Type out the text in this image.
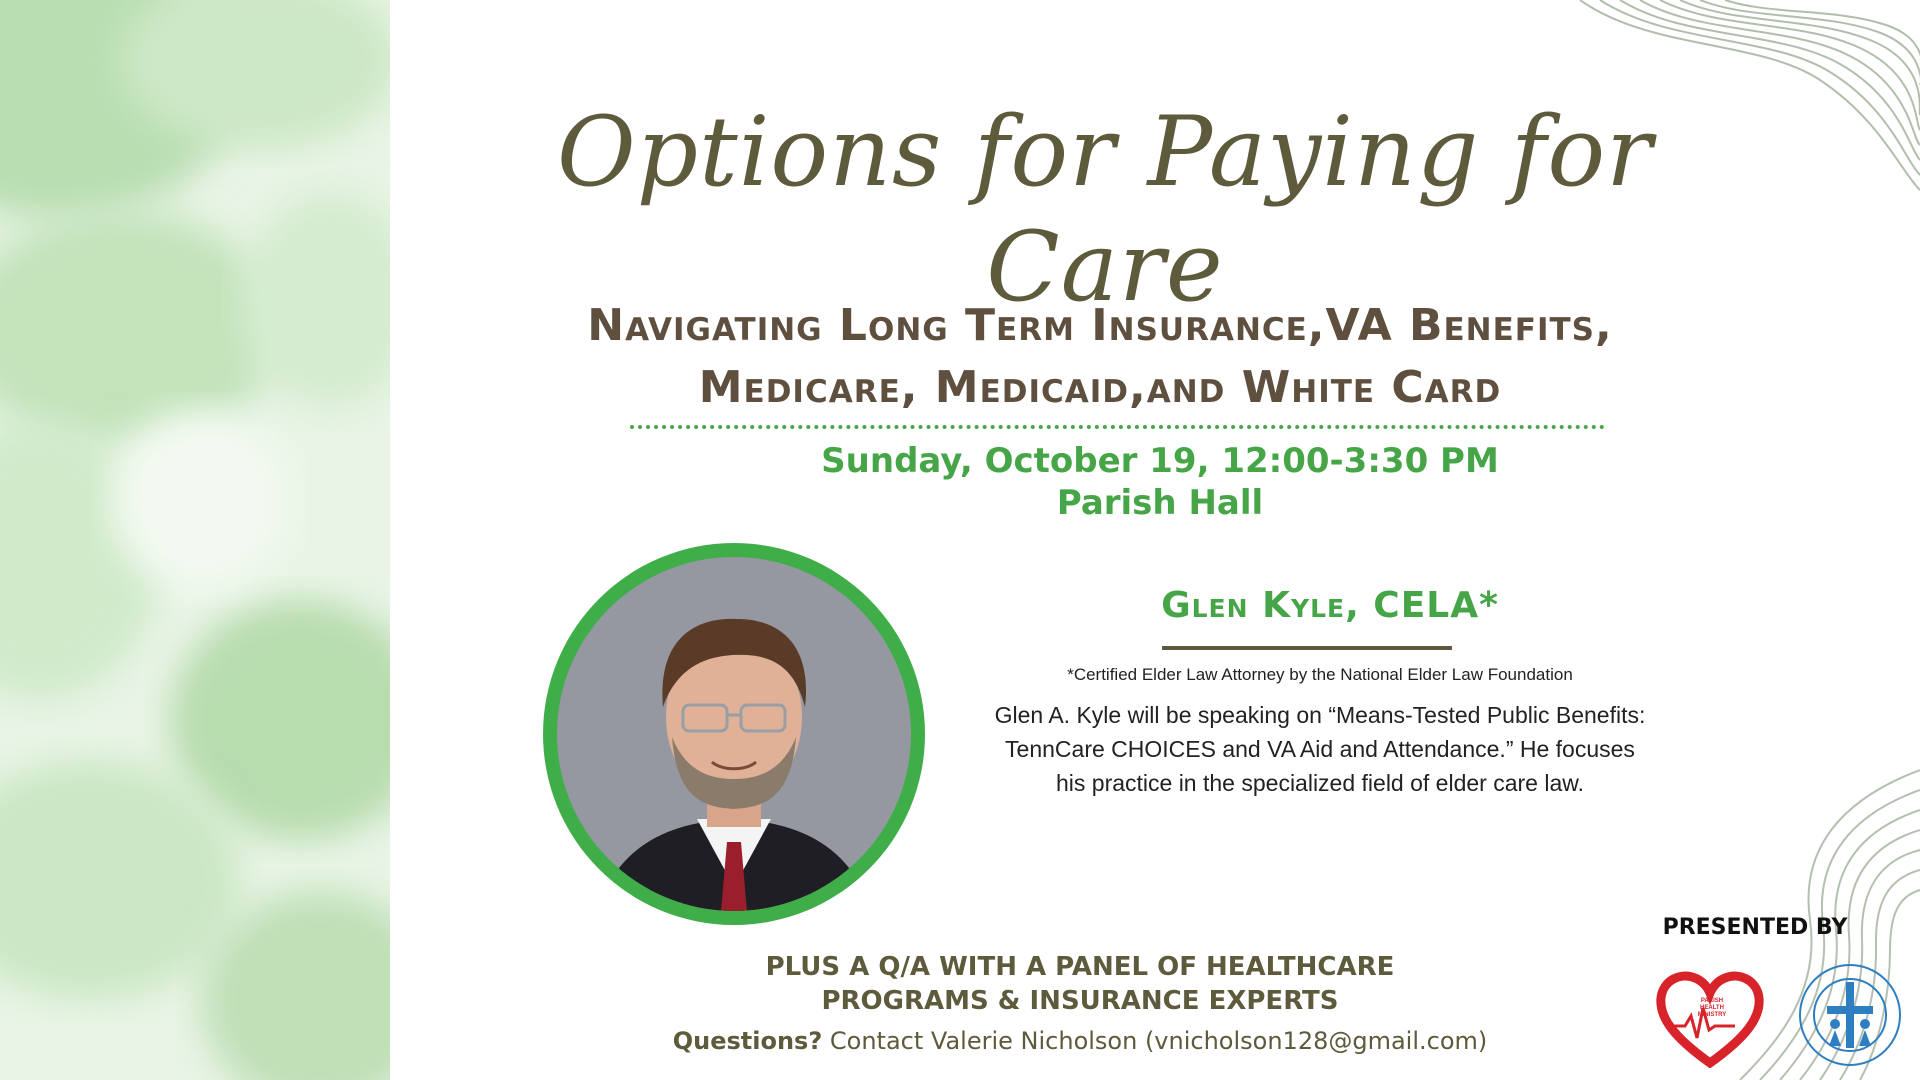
Options for Paying for Care
Navigating Long Term Insurance,VA Benefits,
Medicare, Medicaid,and White Card
Sunday, October 19, 12:00-3:30 PM
Parish Hall
Glen Kyle, CELA*
*Certified Elder Law Attorney by the National Elder Law Foundation
Glen A. Kyle will be speaking on “Means-Tested Public Benefits: TennCare CHOICES and VA Aid and Attendance.” He focuses his practice in the specialized field of elder care law.
PLUS A Q/A WITH A PANEL OF HEALTHCARE
PROGRAMS & INSURANCE EXPERTS
Questions? Contact Valerie Nicholson (vnicholson128@gmail.com)
PRESENTED BY
PARISH HEALTH MINISTRY
